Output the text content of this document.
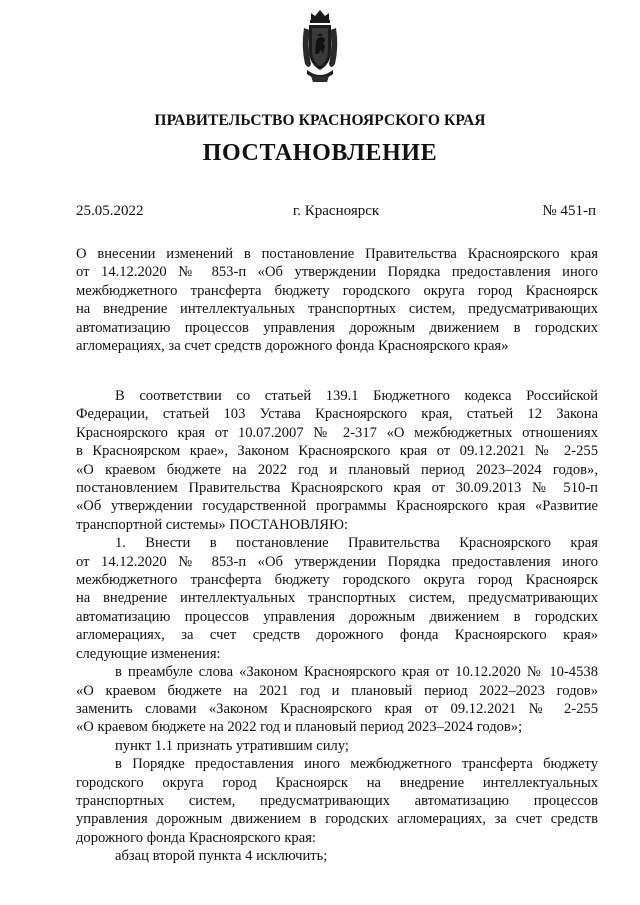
ПРАВИТЕЛЬСТВО КРАСНОЯРСКОГО КРАЯ
ПОСТАНОВЛЕНИЕ
25.05.2022	г. Красноярск	№ 451-п
О внесении изменений в постановление Правительства Красноярского края
от 14.12.2020 № 853-п «Об утверждении Порядка предоставления иного
межбюджетного трансферта бюджету городского округа город Красноярск
на внедрение интеллектуальных транспортных систем, предусматривающих
автоматизацию процессов управления дорожным движением в городских
агломерациях, за счет средств дорожного фонда Красноярского края»
В соответствии со статьей 139.1 Бюджетного кодекса Российской
Федерации, статьей 103 Устава Красноярского края, статьей 12 Закона
Красноярского края от 10.07.2007 № 2-317 «О межбюджетных отношениях
в Красноярском крае», Законом Красноярского края от 09.12.2021 № 2-255
«О краевом бюджете на 2022 год и плановый период 2023–2024 годов»,
постановлением Правительства Красноярского края от 30.09.2013 № 510-п
«Об утверждении государственной программы Красноярского края «Развитие
транспортной системы» ПОСТАНОВЛЯЮ:
1. Внести в постановление Правительства Красноярского края
от 14.12.2020 № 853-п «Об утверждении Порядка предоставления иного
межбюджетного трансферта бюджету городского округа город Красноярск
на внедрение интеллектуальных транспортных систем, предусматривающих
автоматизацию процессов управления дорожным движением в городских
агломерациях, за счет средств дорожного фонда Красноярского края»
следующие изменения:
в преамбуле слова «Законом Красноярского края от 10.12.2020 № 10-4538
«О краевом бюджете на 2021 год и плановый период 2022–2023 годов»
заменить словами «Законом Красноярского края от 09.12.2021 № 2-255
«О краевом бюджете на 2022 год и плановый период 2023–2024 годов»;
пункт 1.1 признать утратившим силу;
в Порядке предоставления иного межбюджетного трансферта бюджету
городского округа город Красноярск на внедрение интеллектуальных
транспортных систем, предусматривающих автоматизацию процессов
управления дорожным движением в городских агломерациях, за счет средств
дорожного фонда Красноярского края:
абзац второй пункта 4 исключить;
